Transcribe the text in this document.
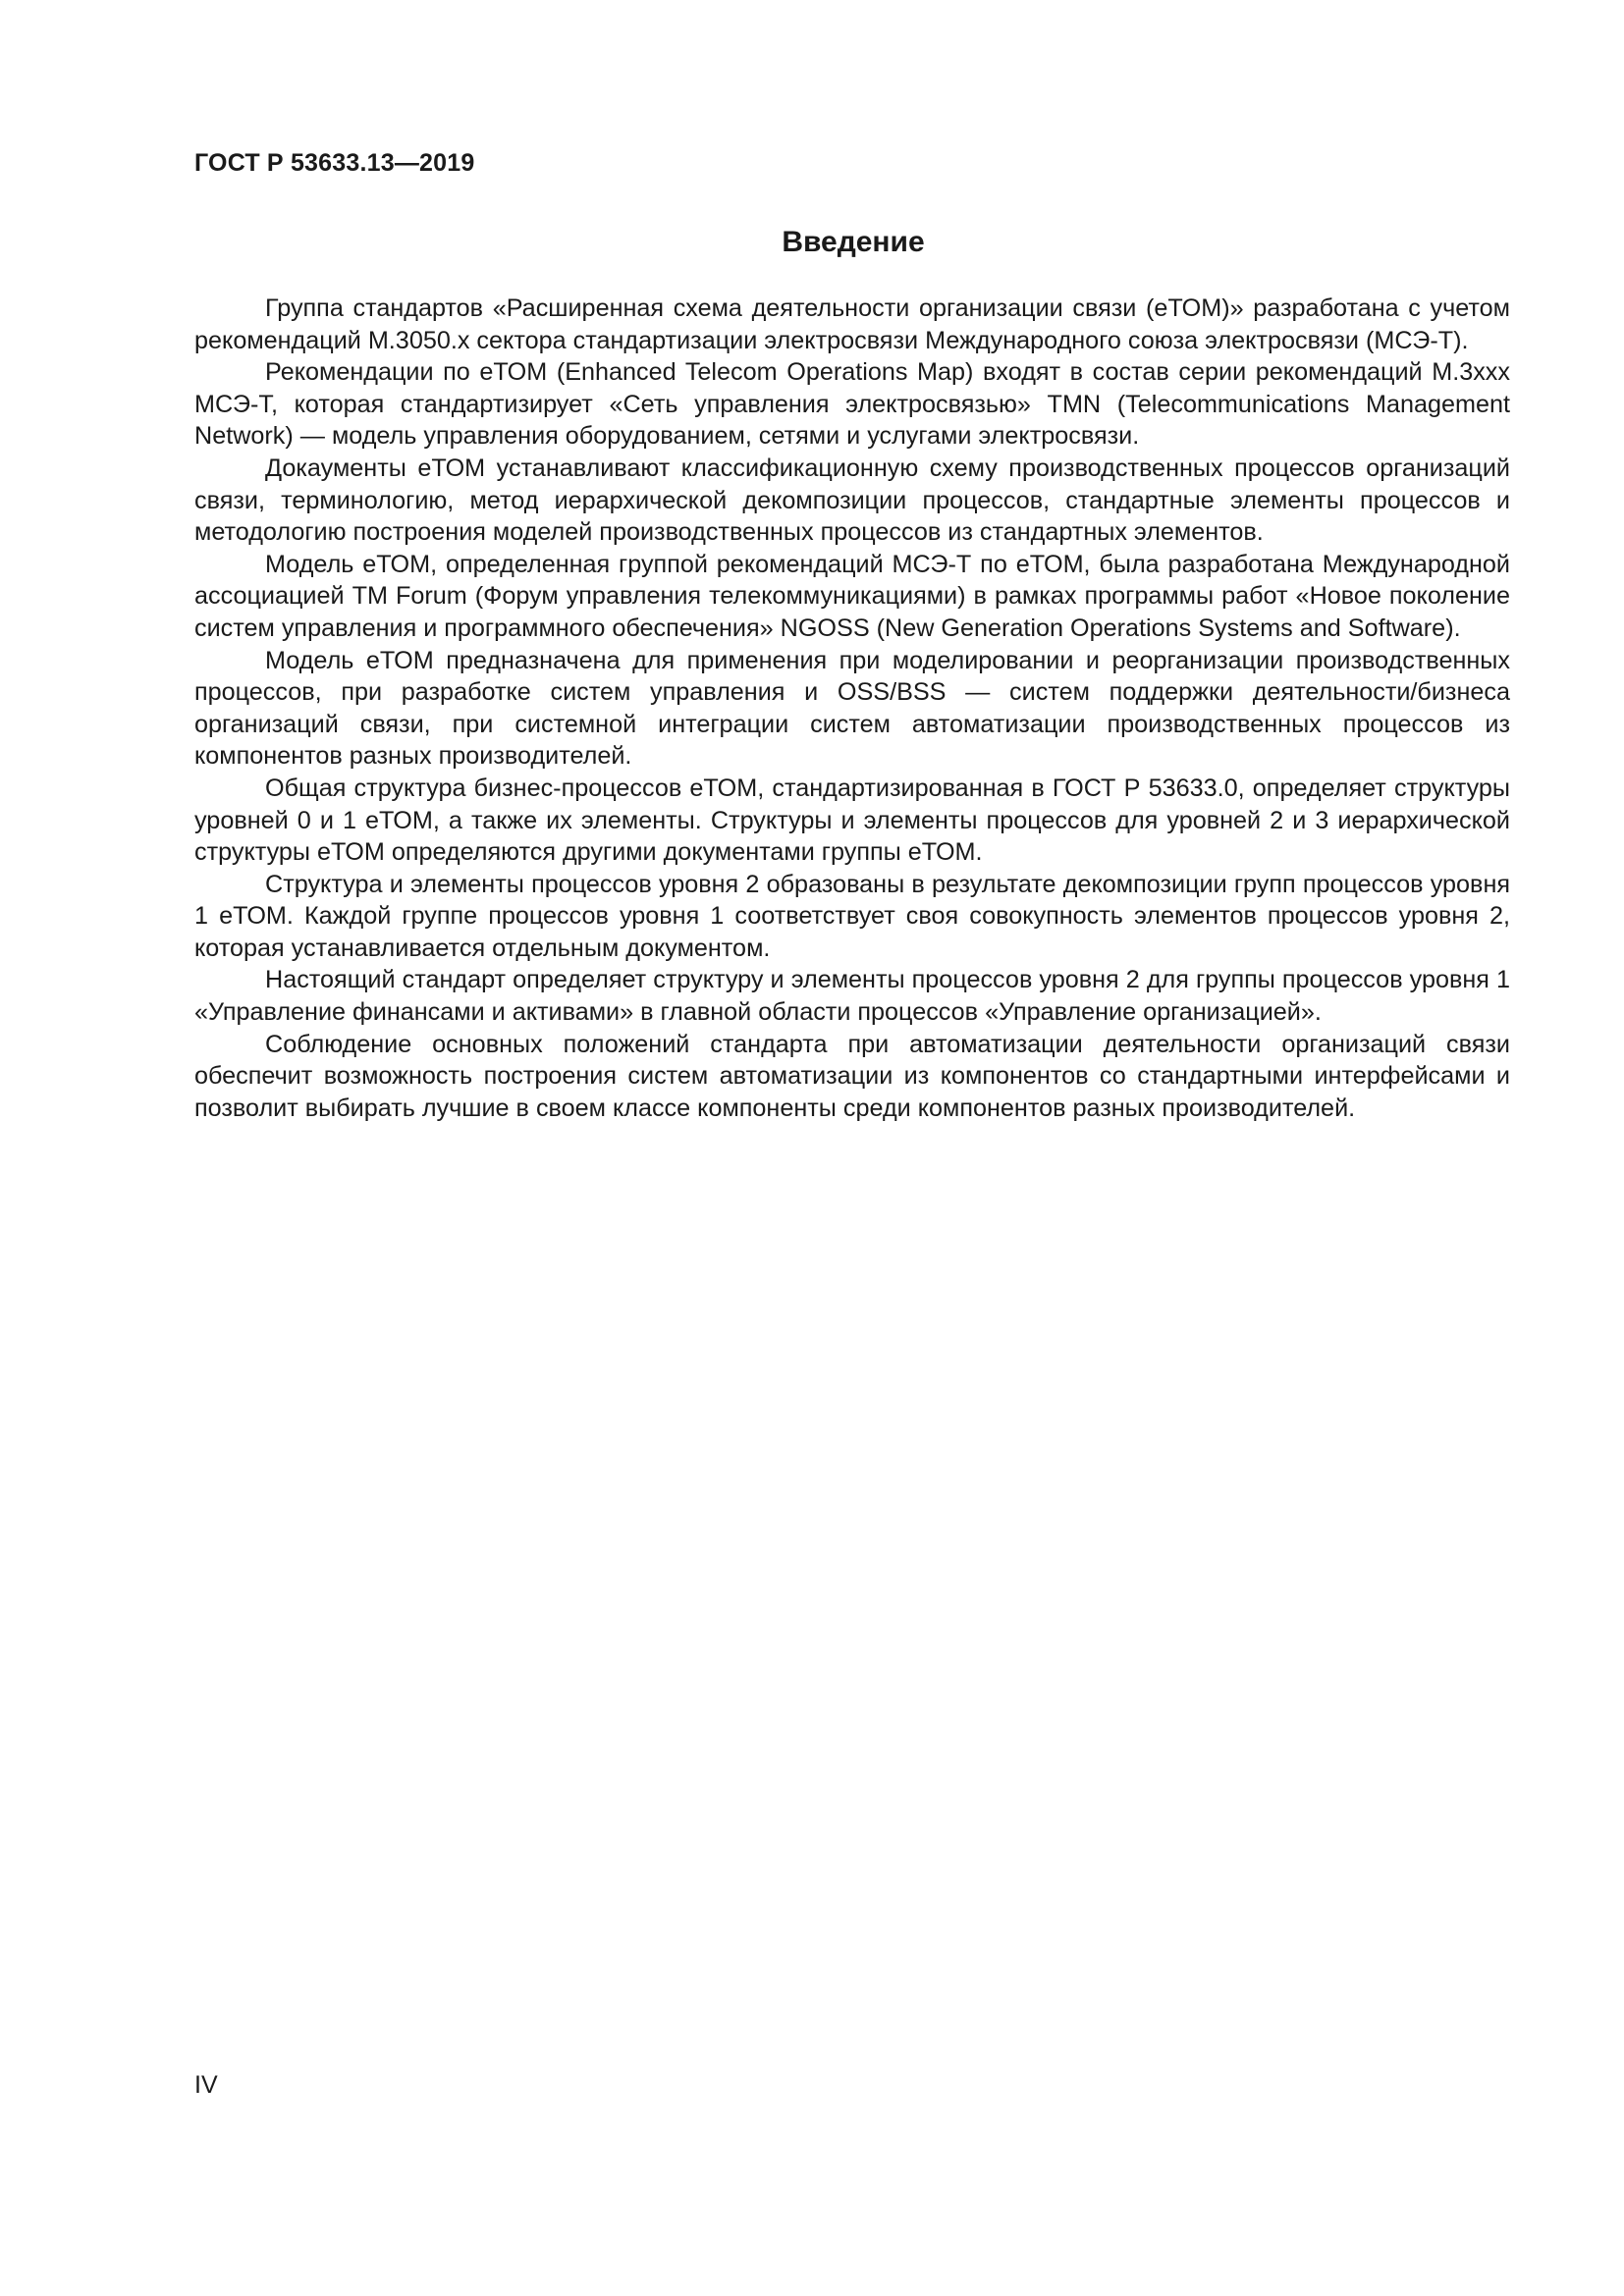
ГОСТ Р 53633.13—2019
Введение

Группа стандартов «Расширенная схема деятельности организации связи (еТОМ)» разработана с учетом рекомендаций М.3050.х сектора стандартизации электросвязи Международного союза электросвязи (МСЭ-Т).

Рекомендации по еТОМ (Enhanced Telecom Operations Map) входят в состав серии рекомендаций М.3ххх МСЭ-Т, которая стандартизирует «Сеть управления электросвязью» TMN (Telecommunications Management Network) — модель управления оборудованием, сетями и услугами электросвязи.

Докаументы еТОМ устанавливают классификационную схему производственных процессов организаций связи, терминологию, метод иерархической декомпозиции процессов, стандартные элементы процессов и методологию построения моделей производственных процессов из стандартных элементов.

Модель еТОМ, определенная группой рекомендаций МСЭ-Т по еТОМ, была разработана Международной ассоциацией TM Forum (Форум управления телекоммуникациями) в рамках программы работ «Новое поколение систем управления и программного обеспечения» NGOSS (New Generation Operations Systems and Software).

Модель еТОМ предназначена для применения при моделировании и реорганизации производственных процессов, при разработке систем управления и OSS/BSS — систем поддержки деятельности/бизнеса организаций связи, при системной интеграции систем автоматизации производственных процессов из компонентов разных производителей.

Общая структура бизнес-процессов еТОМ, стандартизированная в ГОСТ Р 53633.0, определяет структуры уровней 0 и 1 еТОМ, а также их элементы. Структуры и элементы процессов для уровней 2 и 3 иерархической структуры еТОМ определяются другими документами группы еТОМ.

Структура и элементы процессов уровня 2 образованы в результате декомпозиции групп процессов уровня 1 еТОМ. Каждой группе процессов уровня 1 соответствует своя совокупность элементов процессов уровня 2, которая устанавливается отдельным документом.

Настоящий стандарт определяет структуру и элементы процессов уровня 2 для группы процессов уровня 1 «Управление финансами и активами» в главной области процессов «Управление организацией».

Соблюдение основных положений стандарта при автоматизации деятельности организаций связи обеспечит возможность построения систем автоматизации из компонентов со стандартными интерфейсами и позволит выбирать лучшие в своем классе компоненты среди компонентов разных производителей.

IV
